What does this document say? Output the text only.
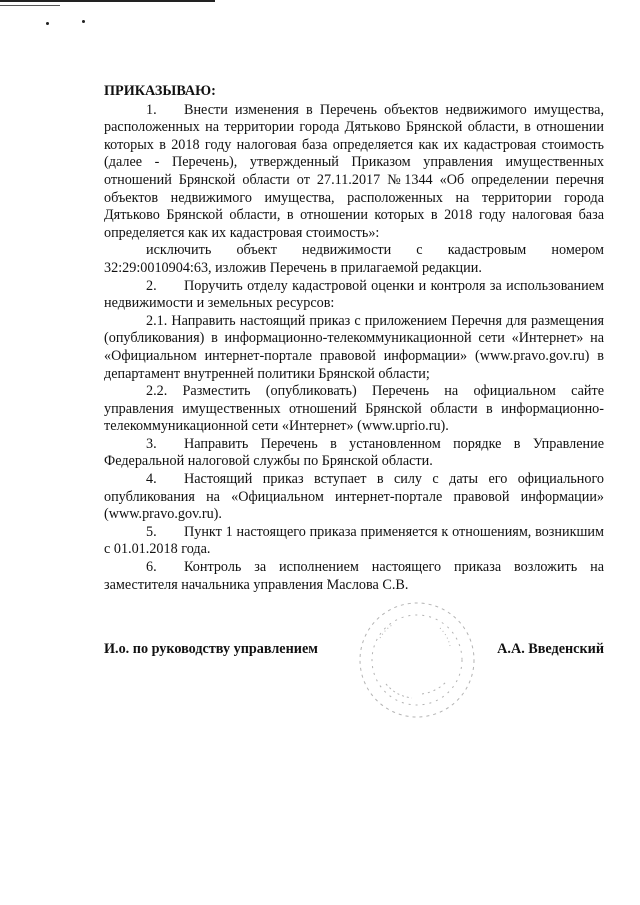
ПРИКАЗЫВАЮ:

1. Внести изменения в Перечень объектов недвижимого имущества, расположенных на территории города Дятьково Брянской области, в отношении которых в 2018 году налоговая база определяется как их кадастровая стоимость (далее - Перечень), утвержденный Приказом управления имущественных отношений Брянской области от 27.11.2017 №1344 «Об определении перечня объектов недвижимого имущества, расположенных на территории города Дятьково Брянской области, в отношении которых в 2018 году налоговая база определяется как их кадастровая стоимость»:

исключить объект недвижимости с кадастровым номером 32:29:0010904:63, изложив Перечень в прилагаемой редакции.

2. Поручить отделу кадастровой оценки и контроля за использованием недвижимости и земельных ресурсов:

2.1. Направить настоящий приказ с приложением Перечня для размещения (опубликования) в информационно-телекоммуникационной сети «Интернет» на «Официальном интернет-портале правовой информации» (www.pravo.gov.ru) в департамент внутренней политики Брянской области;

2.2. Разместить (опубликовать) Перечень на официальном сайте управления имущественных отношений Брянской области в информационно-телекоммуникационной сети «Интернет» (www.uprio.ru).

3. Направить Перечень в установленном порядке в Управление Федеральной налоговой службы по Брянской области.

4. Настоящий приказ вступает в силу с даты его официального опубликования на «Официальном интернет-портале правовой информации» (www.pravo.gov.ru).

5. Пункт 1 настоящего приказа применяется к отношениям, возникшим с 01.01.2018 года.

6. Контроль за исполнением настоящего приказа возложить на заместителя начальника управления Маслова С.В.

И.о. по руководству управлением	А.А. Введенский
